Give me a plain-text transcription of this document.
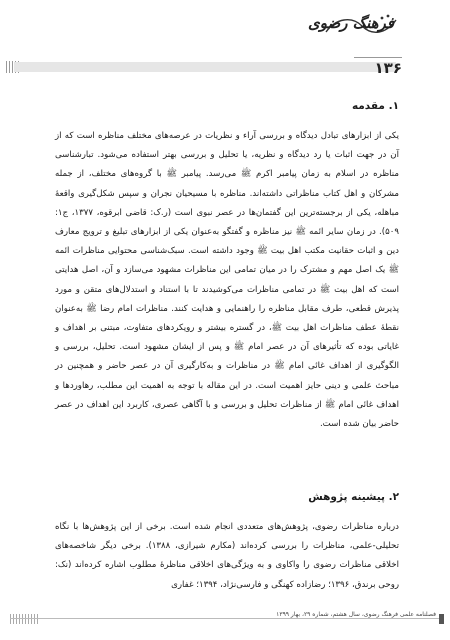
فرهنگ رضوی
۱۳۶
۱. مقدمه

یکی از ابزارهای تبادل دیدگاه و بررسی آراء و نظریات در عرصه‌های مختلف مناظره است که از آن در جهت اثبات یا رد دیدگاه و نظریه، یا تحلیل و بررسی بهتر استفاده می‌شود. تبارشناسی مناظره در اسلام به زمان پیامبر اکرم ﷺ می‌رسد. پیامبر ﷺ با گروه‌های مختلف، از جمله مشرکان و اهل کتاب مناظراتی داشته‌اند. مناظره با مسیحیان نجران و سپس شکل‌گیری واقعهٔ مباهله، یکی از برجسته‌ترین این گفتمان‌ها در عصر نبوی است (ر.ک: قاضی ابرقوه، ۱۳۷۷، ج۱: ۵۰۹). در زمان سایر ائمه ﷺ نیز مناظره و گفتگو به‌عنوان یکی از ابزارهای تبلیغ و ترویج معارف دین و اثبات حقانیت مکتب اهل بیت ﷺ وجود داشته است. سبک‌شناسی محتوایی مناظرات ائمه ﷺ یک اصل مهم و مشترک را در میان تمامی این مناظرات مشهود می‌سازد و آن، اصل هدایتی است که اهل بیت ﷺ در تمامی مناظرات می‌کوشیدند تا با استناد و استدلال‌های متقن و مورد پذیرش قطعی، طرف مقابل مناظره را راهنمایی و هدایت کنند. مناظرات امام رضا ﷺ به‌عنوان نقطهٔ عطف مناظرات اهل بیت ﷺ، در گستره بیشتر و رویکردهای متفاوت، مبتنی بر اهداف و غایاتی بوده که تأثیرهای آن در عصر امام ﷺ و پس از ایشان مشهود است. تحلیل، بررسی و الگوگیری از اهداف غائی امام ﷺ در مناظرات و به‌کارگیری آن در عصر حاضر و همچنین در مباحث علمی و دینی حایز اهمیت است. در این مقاله با توجه به اهمیت این مطلب، رهاوردها و اهداف غائی امام ﷺ از مناظرات تحلیل و بررسی و با آگاهی عصری، کاربرد این اهداف در عصر حاضر بیان شده است.

۲. پیشینه پژوهش

درباره مناظرات رضوی، پژوهش‌های متعددی انجام شده است. برخی از این پژوهش‌ها با نگاه تحلیلی-علمی، مناظرات را بررسی کرده‌اند (مکارم شیرازی، ۱۳۸۸). برخی دیگر شاخصه‌های اخلاقی مناظرات رضوی را واکاوی و به ویژگی‌های اخلاقی مناظرهٔ مطلوب اشاره کرده‌اند (نک: روحی برندق، ۱۳۹۶؛ رضازاده کهنگی و فارسی‌نژاد، ۱۳۹۴؛ غفاری

فصلنامه علمی فرهنگ رضوی، سال هشتم، شماره ۲۹، بهار ۱۳۹۹
